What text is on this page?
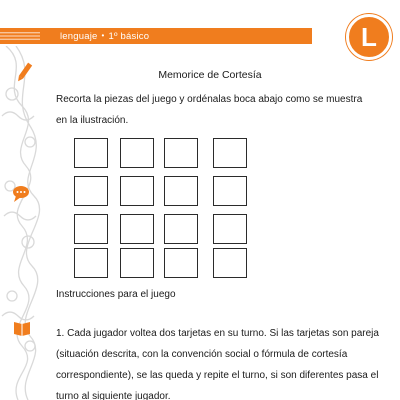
lenguaje • 1º básico	L
Memorice de Cortesía
Recorta la piezas del juego y ordénalas boca abajo como se muestra en la ilustración.
Instrucciones para el juego
1. Cada jugador voltea dos tarjetas en su turno. Si las tarjetas son pareja (situación descrita, con la convención social o fórmula de cortesía correspondiente), se las queda y repite el turno, si son diferentes pasa el turno al siguiente jugador.
